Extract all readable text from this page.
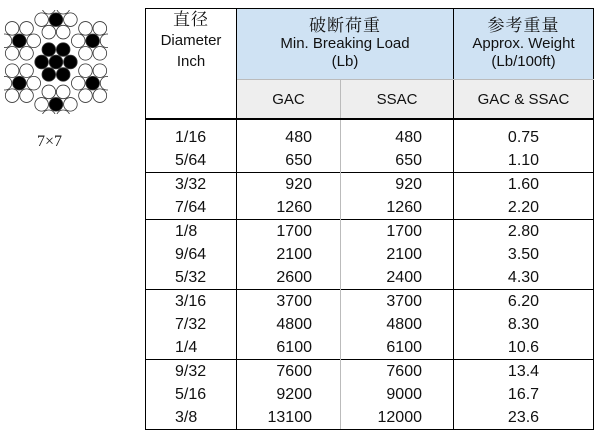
7×7
直径
Diameter
Inch	破断荷重
Min. Breaking Load
(Lb)		参考重量
Approx. Weight
(Lb/100ft)

	GAC	SSAC	GAC & SSAC
1/16	480	480	0.75
5/64	650	650	1.10
3/32	920	920	1.60
7/64	1260	1260	2.20
1/8	1700	1700	2.80
9/64	2100	2100	3.50
5/32	2600	2400	4.30
3/16	3700	3700	6.20
7/32	4800	4800	8.30
1/4	6100	6100	10.6
9/32	7600	7600	13.4
5/16	9200	9000	16.7
3/8	13100	12000	23.6
